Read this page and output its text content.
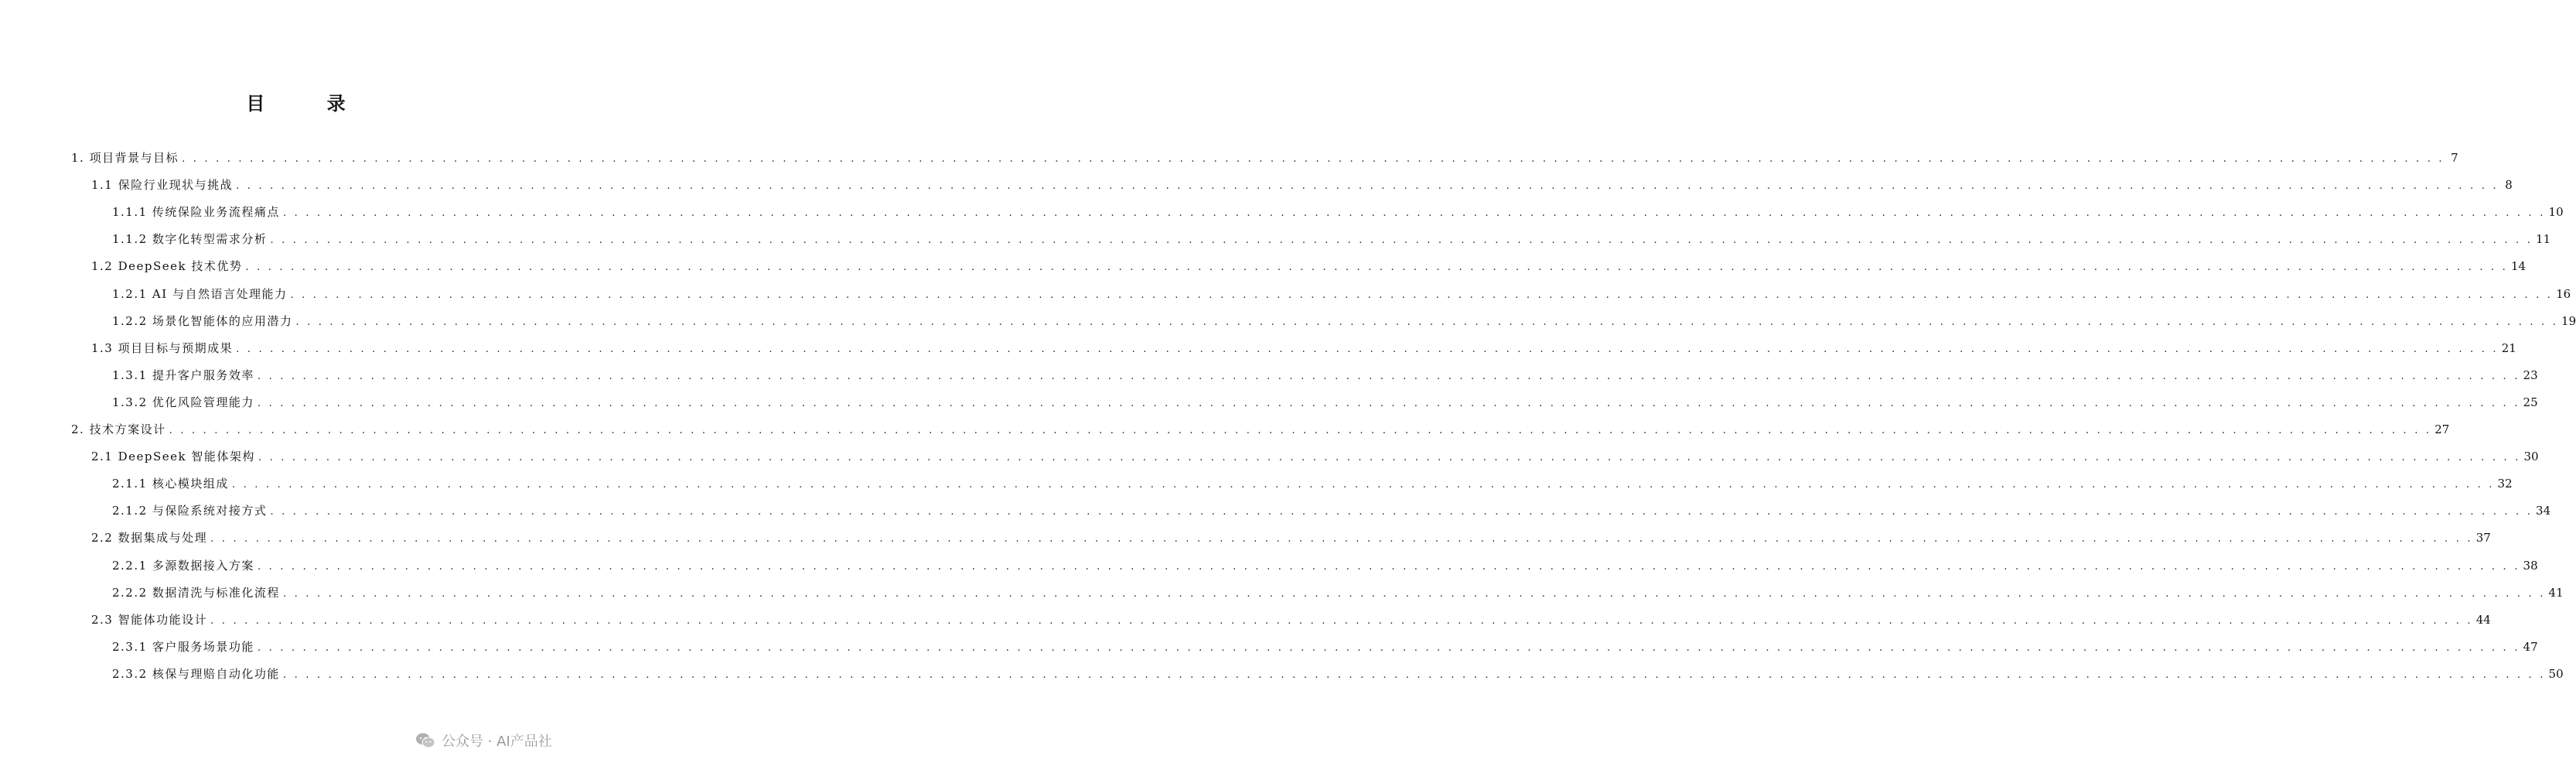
目 录
1. 项目背景与目标 . . . . . . . . . . . . . . . . . . . . . . . . . . . . . . . . . . . . . . . . . . . . . . . . . . . . . . . . . . . . . . . . . . . . . . . . . . . . . . . . . . . . . . . . . . . . . . . . . . . . . . . . . . . . . . . . . . . . . . . . . . . . . . . . . . . . . . . . . . . . . . . . . . . . . . . . . . . . . . . . . . . . . . . . . . . . . . . . . . . . . . . . . . . . . . . . . . . . . . . . 7
1.1 保险行业现状与挑战 . . . . . . . . . . . . . . . . . . . . . . . . . . . . . . . . . . . . . . . . . . . . . . . . . . . . . . . . . . . . . . . . . . . . . . . . . . . . . . . . . . . . . . . . . . . . . . . . . . . . . . . . . . . . . . . . . . . . . . . . . . . . . . . . . . . . . . . . . . . . . . . . . . . . . . . . . . . . . . . . . . . . . . . . . . . . . . . . . . . . . . . . . . . . . . . . . . . . . . . . 8
1.1.1 传统保险业务流程痛点 . . . . . . . . . . . . . . . . . . . . . . . . . . . . . . . . . . . . . . . . . . . . . . . . . . . . . . . . . . . . . . . . . . . . . . . . . . . . . . . . . . . . . . . . . . . . . . . . . . . . . . . . . . . . . . . . . . . . . . . . . . . . . . . . . . . . . . . . . . . . . . . . . . . . . . . . . . . . . . . . . . . . . . . . . . . . . . . . . . . . . . . . . . . . . . . . . . . . . . . . 10
1.1.2 数字化转型需求分析 . . . . . . . . . . . . . . . . . . . . . . . . . . . . . . . . . . . . . . . . . . . . . . . . . . . . . . . . . . . . . . . . . . . . . . . . . . . . . . . . . . . . . . . . . . . . . . . . . . . . . . . . . . . . . . . . . . . . . . . . . . . . . . . . . . . . . . . . . . . . . . . . . . . . . . . . . . . . . . . . . . . . . . . . . . . . . . . . . . . . . . . . . . . . . . . . . . . . . . . . 11
1.2 DeepSeek 技术优势 . . . . . . . . . . . . . . . . . . . . . . . . . . . . . . . . . . . . . . . . . . . . . . . . . . . . . . . . . . . . . . . . . . . . . . . . . . . . . . . . . . . . . . . . . . . . . . . . . . . . . . . . . . . . . . . . . . . . . . . . . . . . . . . . . . . . . . . . . . . . . . . . . . . . . . . . . . . . . . . . . . . . . . . . . . . . . . . . . . . . . . . . . . . . . . . . . . . . . . . . 14
1.2.1 AI 与自然语言处理能力 . . . . . . . . . . . . . . . . . . . . . . . . . . . . . . . . . . . . . . . . . . . . . . . . . . . . . . . . . . . . . . . . . . . . . . . . . . . . . . . . . . . . . . . . . . . . . . . . . . . . . . . . . . . . . . . . . . . . . . . . . . . . . . . . . . . . . . . . . . . . . . . . . . . . . . . . . . . . . . . . . . . . . . . . . . . . . . . . . . . . . . . . . . . . . . . . . . . . . . . . 16
1.2.2 场景化智能体的应用潜力 . . . . . . . . . . . . . . . . . . . . . . . . . . . . . . . . . . . . . . . . . . . . . . . . . . . . . . . . . . . . . . . . . . . . . . . . . . . . . . . . . . . . . . . . . . . . . . . . . . . . . . . . . . . . . . . . . . . . . . . . . . . . . . . . . . . . . . . . . . . . . . . . . . . . . . . . . . . . . . . . . . . . . . . . . . . . . . . . . . . . . . . . . . . . . . . . . . . . . . . . 19
1.3 项目目标与预期成果 . . . . . . . . . . . . . . . . . . . . . . . . . . . . . . . . . . . . . . . . . . . . . . . . . . . . . . . . . . . . . . . . . . . . . . . . . . . . . . . . . . . . . . . . . . . . . . . . . . . . . . . . . . . . . . . . . . . . . . . . . . . . . . . . . . . . . . . . . . . . . . . . . . . . . . . . . . . . . . . . . . . . . . . . . . . . . . . . . . . . . . . . . . . . . . . . . . . . . . . . 21
1.3.1 提升客户服务效率 . . . . . . . . . . . . . . . . . . . . . . . . . . . . . . . . . . . . . . . . . . . . . . . . . . . . . . . . . . . . . . . . . . . . . . . . . . . . . . . . . . . . . . . . . . . . . . . . . . . . . . . . . . . . . . . . . . . . . . . . . . . . . . . . . . . . . . . . . . . . . . . . . . . . . . . . . . . . . . . . . . . . . . . . . . . . . . . . . . . . . . . . . . . . . . . . . . . . . . . . 23
1.3.2 优化风险管理能力 . . . . . . . . . . . . . . . . . . . . . . . . . . . . . . . . . . . . . . . . . . . . . . . . . . . . . . . . . . . . . . . . . . . . . . . . . . . . . . . . . . . . . . . . . . . . . . . . . . . . . . . . . . . . . . . . . . . . . . . . . . . . . . . . . . . . . . . . . . . . . . . . . . . . . . . . . . . . . . . . . . . . . . . . . . . . . . . . . . . . . . . . . . . . . . . . . . . . . . . . 25
2. 技术方案设计 . . . . . . . . . . . . . . . . . . . . . . . . . . . . . . . . . . . . . . . . . . . . . . . . . . . . . . . . . . . . . . . . . . . . . . . . . . . . . . . . . . . . . . . . . . . . . . . . . . . . . . . . . . . . . . . . . . . . . . . . . . . . . . . . . . . . . . . . . . . . . . . . . . . . . . . . . . . . . . . . . . . . . . . . . . . . . . . . . . . . . . . . . . . . . . . . . . . . . . . . 27
2.1 DeepSeek 智能体架构 . . . . . . . . . . . . . . . . . . . . . . . . . . . . . . . . . . . . . . . . . . . . . . . . . . . . . . . . . . . . . . . . . . . . . . . . . . . . . . . . . . . . . . . . . . . . . . . . . . . . . . . . . . . . . . . . . . . . . . . . . . . . . . . . . . . . . . . . . . . . . . . . . . . . . . . . . . . . . . . . . . . . . . . . . . . . . . . . . . . . . . . . . . . . . . . . . . . . . . . . 30
2.1.1 核心模块组成 . . . . . . . . . . . . . . . . . . . . . . . . . . . . . . . . . . . . . . . . . . . . . . . . . . . . . . . . . . . . . . . . . . . . . . . . . . . . . . . . . . . . . . . . . . . . . . . . . . . . . . . . . . . . . . . . . . . . . . . . . . . . . . . . . . . . . . . . . . . . . . . . . . . . . . . . . . . . . . . . . . . . . . . . . . . . . . . . . . . . . . . . . . . . . . . . . . . . . . . . 32
2.1.2 与保险系统对接方式 . . . . . . . . . . . . . . . . . . . . . . . . . . . . . . . . . . . . . . . . . . . . . . . . . . . . . . . . . . . . . . . . . . . . . . . . . . . . . . . . . . . . . . . . . . . . . . . . . . . . . . . . . . . . . . . . . . . . . . . . . . . . . . . . . . . . . . . . . . . . . . . . . . . . . . . . . . . . . . . . . . . . . . . . . . . . . . . . . . . . . . . . . . . . . . . . . . . . . . . . 34
2.2 数据集成与处理 . . . . . . . . . . . . . . . . . . . . . . . . . . . . . . . . . . . . . . . . . . . . . . . . . . . . . . . . . . . . . . . . . . . . . . . . . . . . . . . . . . . . . . . . . . . . . . . . . . . . . . . . . . . . . . . . . . . . . . . . . . . . . . . . . . . . . . . . . . . . . . . . . . . . . . . . . . . . . . . . . . . . . . . . . . . . . . . . . . . . . . . . . . . . . . . . . . . . . . . . 37
2.2.1 多源数据接入方案 . . . . . . . . . . . . . . . . . . . . . . . . . . . . . . . . . . . . . . . . . . . . . . . . . . . . . . . . . . . . . . . . . . . . . . . . . . . . . . . . . . . . . . . . . . . . . . . . . . . . . . . . . . . . . . . . . . . . . . . . . . . . . . . . . . . . . . . . . . . . . . . . . . . . . . . . . . . . . . . . . . . . . . . . . . . . . . . . . . . . . . . . . . . . . . . . . . . . . . . . 38
2.2.2 数据清洗与标准化流程 . . . . . . . . . . . . . . . . . . . . . . . . . . . . . . . . . . . . . . . . . . . . . . . . . . . . . . . . . . . . . . . . . . . . . . . . . . . . . . . . . . . . . . . . . . . . . . . . . . . . . . . . . . . . . . . . . . . . . . . . . . . . . . . . . . . . . . . . . . . . . . . . . . . . . . . . . . . . . . . . . . . . . . . . . . . . . . . . . . . . . . . . . . . . . . . . . . . . . . . . 41
2.3 智能体功能设计 . . . . . . . . . . . . . . . . . . . . . . . . . . . . . . . . . . . . . . . . . . . . . . . . . . . . . . . . . . . . . . . . . . . . . . . . . . . . . . . . . . . . . . . . . . . . . . . . . . . . . . . . . . . . . . . . . . . . . . . . . . . . . . . . . . . . . . . . . . . . . . . . . . . . . . . . . . . . . . . . . . . . . . . . . . . . . . . . . . . . . . . . . . . . . . . . . . . . . . . . 44
2.3.1 客户服务场景功能 . . . . . . . . . . . . . . . . . . . . . . . . . . . . . . . . . . . . . . . . . . . . . . . . . . . . . . . . . . . . . . . . . . . . . . . . . . . . . . . . . . . . . . . . . . . . . . . . . . . . . . . . . . . . . . . . . . . . . . . . . . . . . . . . . . . . . . . . . . . . . . . . . . . . . . . . . . . . . . . . . . . . . . . . . . . . . . . . . . . . . . . . . . . . . . . . . . . . . . . . 47
2.3.2 核保与理赔自动化功能 . . . . . . . . . . . . . . . . . . . . . . . . . . . . . . . . . . . . . . . . . . . . . . . . . . . . . . . . . . . . . . . . . . . . . . . . . . . . . . . . . . . . . . . . . . . . . . . . . . . . . . . . . . . . . . . . . . . . . . . . . . . . . . . . . . . . . . . . . . . . . . . . . . . . . . . . . . . . . . . . . . . . . . . . . . . . . . . . . . . . . . . . . . . . . . . . . . . . . . . . 50
公众号 · AI产品社
